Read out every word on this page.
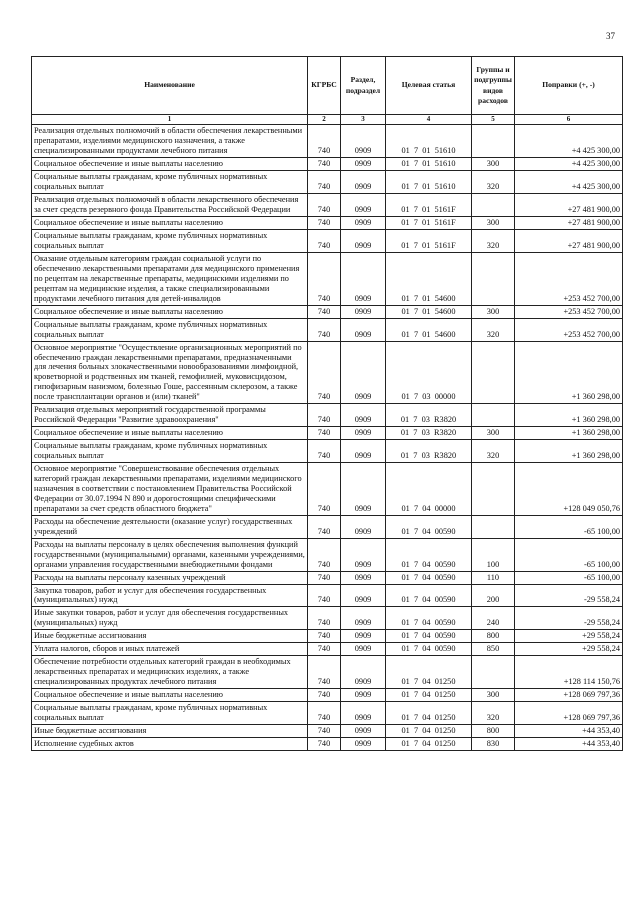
37
Наименование	КГРБС	Раздел, подраздел	Целевая статья	Группы и подгруппы видов расходов	Поправки (+, -)
1	2	3	4	5	6
Реализация отдельных полномочий в области обеспечения лекарственными препаратами, изделиями медицинского назначения, а также специализированными продуктами лечебного питания	740	0909	01  7  01  51610		+4 425 300,00
Социальное обеспечение и иные выплаты населению	740	0909	01  7  01  51610	300	+4 425 300,00
Социальные выплаты гражданам, кроме публичных нормативных социальных выплат	740	0909	01  7  01  51610	320	+4 425 300,00
Реализация отдельных полномочий в области лекарственного обеспечения за счет средств резервного фонда Правительства Российской Федерации	740	0909	01  7  01  5161F		+27 481 900,00
Социальное обеспечение и иные выплаты населению	740	0909	01  7  01  5161F	300	+27 481 900,00
Социальные выплаты гражданам, кроме публичных нормативных социальных выплат	740	0909	01  7  01  5161F	320	+27 481 900,00
Оказание отдельным категориям граждан социальной услуги по обеспечению лекарственными препаратами для медицинского применения по рецептам на лекарственные препараты, медицинскими изделиями по рецептам на медицинские изделия, а также специализированными продуктами лечебного питания для детей-инвалидов	740	0909	01  7  01  54600		+253 452 700,00
Социальное обеспечение и иные выплаты населению	740	0909	01  7  01  54600	300	+253 452 700,00
Социальные выплаты гражданам, кроме публичных нормативных социальных выплат	740	0909	01  7  01  54600	320	+253 452 700,00
Основное мероприятие "Осуществление организационных мероприятий по обеспечению граждан лекарственными препаратами, предназначенными для лечения больных злокачественными новообразованиями лимфоидной, кроветворной и родственных им тканей, гемофилией, муковисцидозом, гипофизарным нанизмом, болезнью Гоше, рассеянным склерозом, а также после трансплантации органов и (или) тканей"	740	0909	01  7  03  00000		+1 360 298,00
Реализация отдельных мероприятий государственной программы Российской Федерации "Развитие здравоохранения"	740	0909	01  7  03  R3820		+1 360 298,00
Социальное обеспечение и иные выплаты населению	740	0909	01  7  03  R3820	300	+1 360 298,00
Социальные выплаты гражданам, кроме публичных нормативных социальных выплат	740	0909	01  7  03  R3820	320	+1 360 298,00
Основное мероприятие "Совершенствование обеспечения отдельных категорий граждан лекарственными препаратами, изделиями медицинского назначения в соответствии с постановлением Правительства Российской Федерации от 30.07.1994 N 890 и дорогостоящими специфическими препаратами за счет средств областного бюджета"	740	0909	01  7  04  00000		+128 049 050,76
Расходы на обеспечение деятельности (оказание услуг) государственных учреждений	740	0909	01  7  04  00590		-65 100,00
Расходы на выплаты персоналу в целях обеспечения выполнения функций государственными (муниципальными) органами, казенными учреждениями, органами управления государственными внебюджетными фондами	740	0909	01  7  04  00590	100	-65 100,00
Расходы на выплаты персоналу казенных учреждений	740	0909	01  7  04  00590	110	-65 100,00
Закупка товаров, работ и услуг для обеспечения государственных (муниципальных) нужд	740	0909	01  7  04  00590	200	-29 558,24
Иные закупки товаров, работ и услуг для обеспечения государственных (муниципальных) нужд	740	0909	01  7  04  00590	240	-29 558,24
Иные бюджетные ассигнования	740	0909	01  7  04  00590	800	+29 558,24
Уплата налогов, сборов и иных платежей	740	0909	01  7  04  00590	850	+29 558,24
Обеспечение потребности отдельных категорий граждан в необходимых лекарственных препаратах и медицинских изделиях, а также специализированных продуктах лечебного питания	740	0909	01  7  04  01250		+128 114 150,76
Социальное обеспечение и иные выплаты населению	740	0909	01  7  04  01250	300	+128 069 797,36
Социальные выплаты гражданам, кроме публичных нормативных социальных выплат	740	0909	01  7  04  01250	320	+128 069 797,36
Иные бюджетные ассигнования	740	0909	01  7  04  01250	800	+44 353,40
Исполнение судебных актов	740	0909	01  7  04  01250	830	+44 353,40
